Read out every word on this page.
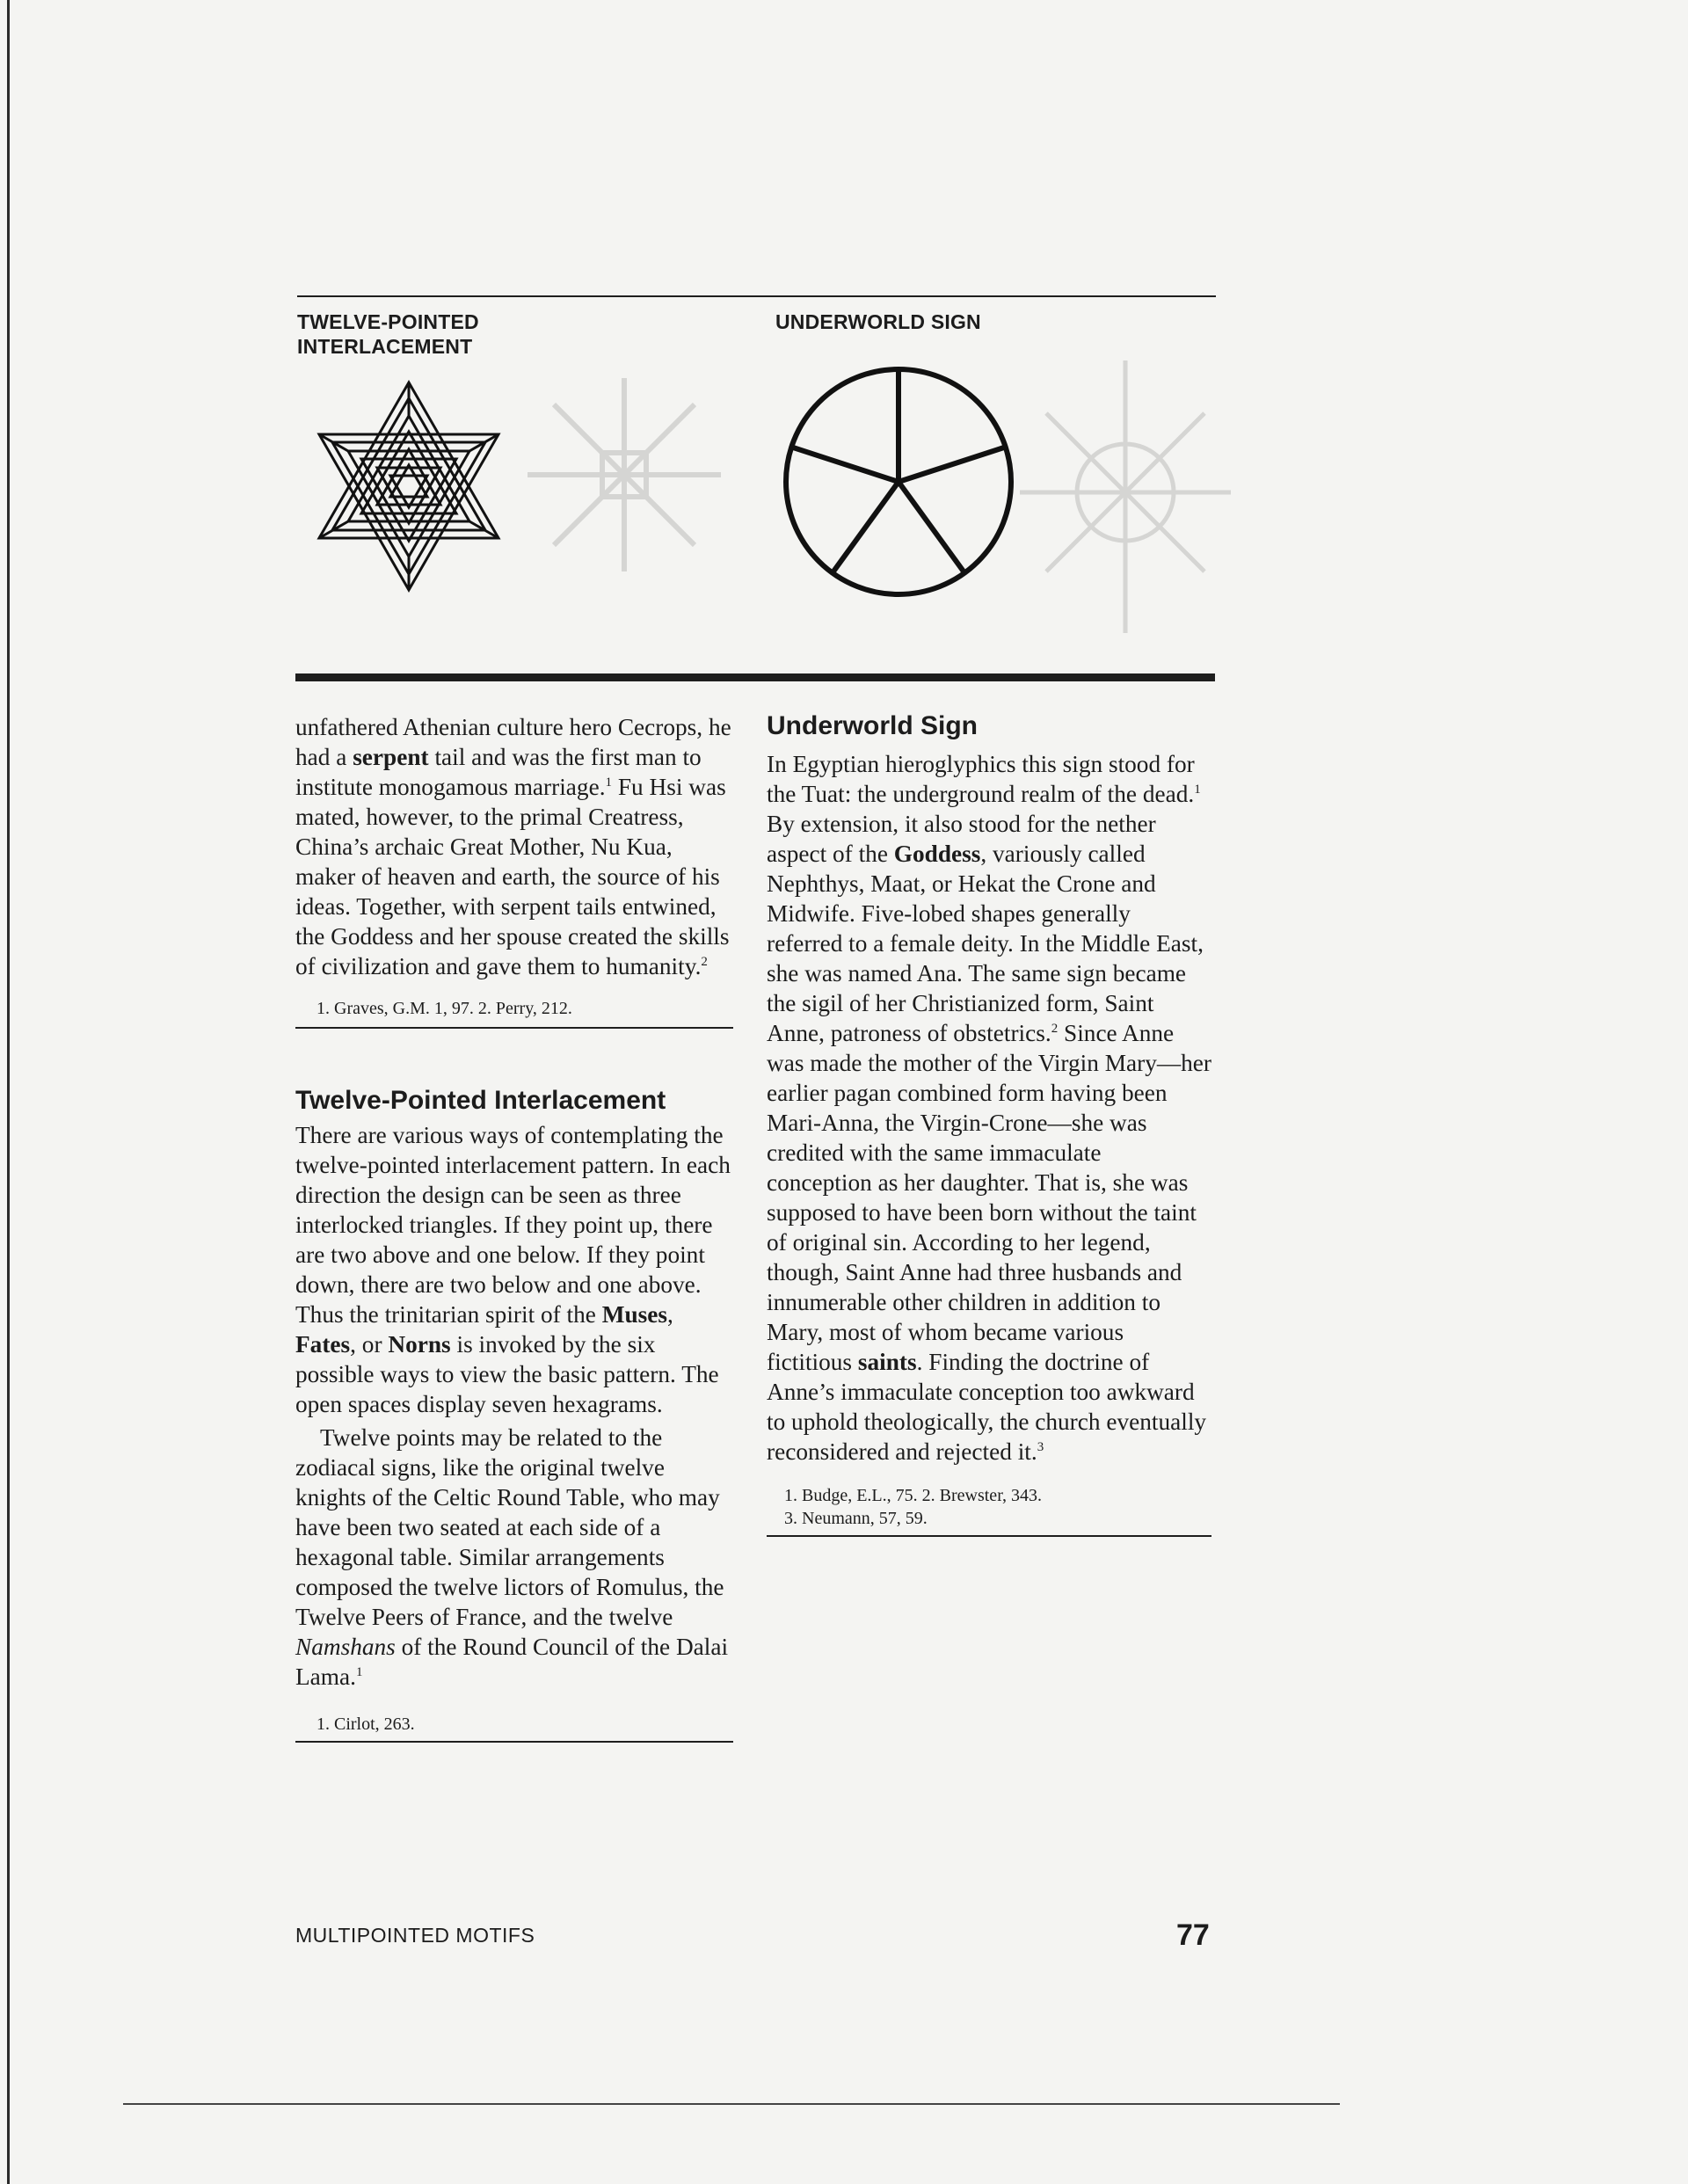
TWELVE-POINTED
INTERLACEMENT
UNDERWORLD SIGN

unfathered Athenian culture hero Cecrops, he had a serpent tail and was the first man to institute monogamous marriage.$^1$ Fu Hsi was mated, however, to the primal Creatress, China’s archaic Great Mother, Nu Kua, maker of heaven and earth, the source of his ideas. Together, with serpent tails entwined, the Goddess and her spouse created the skills of civilization and gave them to humanity.$^2$

1. Graves, G.M. 1, 97. 2. Perry, 212.
Twelve-Pointed Interlacement

There are various ways of contemplating the twelve-pointed interlacement pattern. In each direction the design can be seen as three interlocked triangles. If they point up, there are two above and one below. If they point down, there are two below and one above. Thus the trinitarian spirit of the Muses, Fates, or Norns is invoked by the six possible ways to view the basic pattern. The open spaces display seven hexagrams.

Twelve points may be related to the zodiacal signs, like the original twelve knights of the Celtic Round Table, who may have been two seated at each side of a hexagonal table. Similar arrangements composed the twelve lictors of Romulus, the Twelve Peers of France, and the twelve Namshans of the Round Council of the Dalai Lama.$^1$

1. Cirlot, 263.
Underworld Sign

In Egyptian hieroglyphics this sign stood for the Tuat: the underground realm of the dead.$^1$ By extension, it also stood for the nether aspect of the Goddess, variously called Nephthys, Maat, or Hekat the Crone and Midwife. Five-lobed shapes generally referred to a female deity. In the Middle East, she was named Ana. The same sign became the sigil of her Christianized form, Saint Anne, patroness of obstetrics.$^2$ Since Anne was made the mother of the Virgin Mary—her earlier pagan combined form having been Mari-Anna, the Virgin-Crone—she was credited with the same immaculate conception as her daughter. That is, she was supposed to have been born without the taint of original sin. According to her legend, though, Saint Anne had three husbands and innumerable other children in addition to Mary, most of whom became various fictitious saints. Finding the doctrine of Anne’s immaculate conception too awkward to uphold theologically, the church eventually reconsidered and rejected it.$^3$

1. Budge, E.L., 75. 2. Brewster, 343.
3. Neumann, 57, 59.
MULTIPOINTED MOTIFS	77
